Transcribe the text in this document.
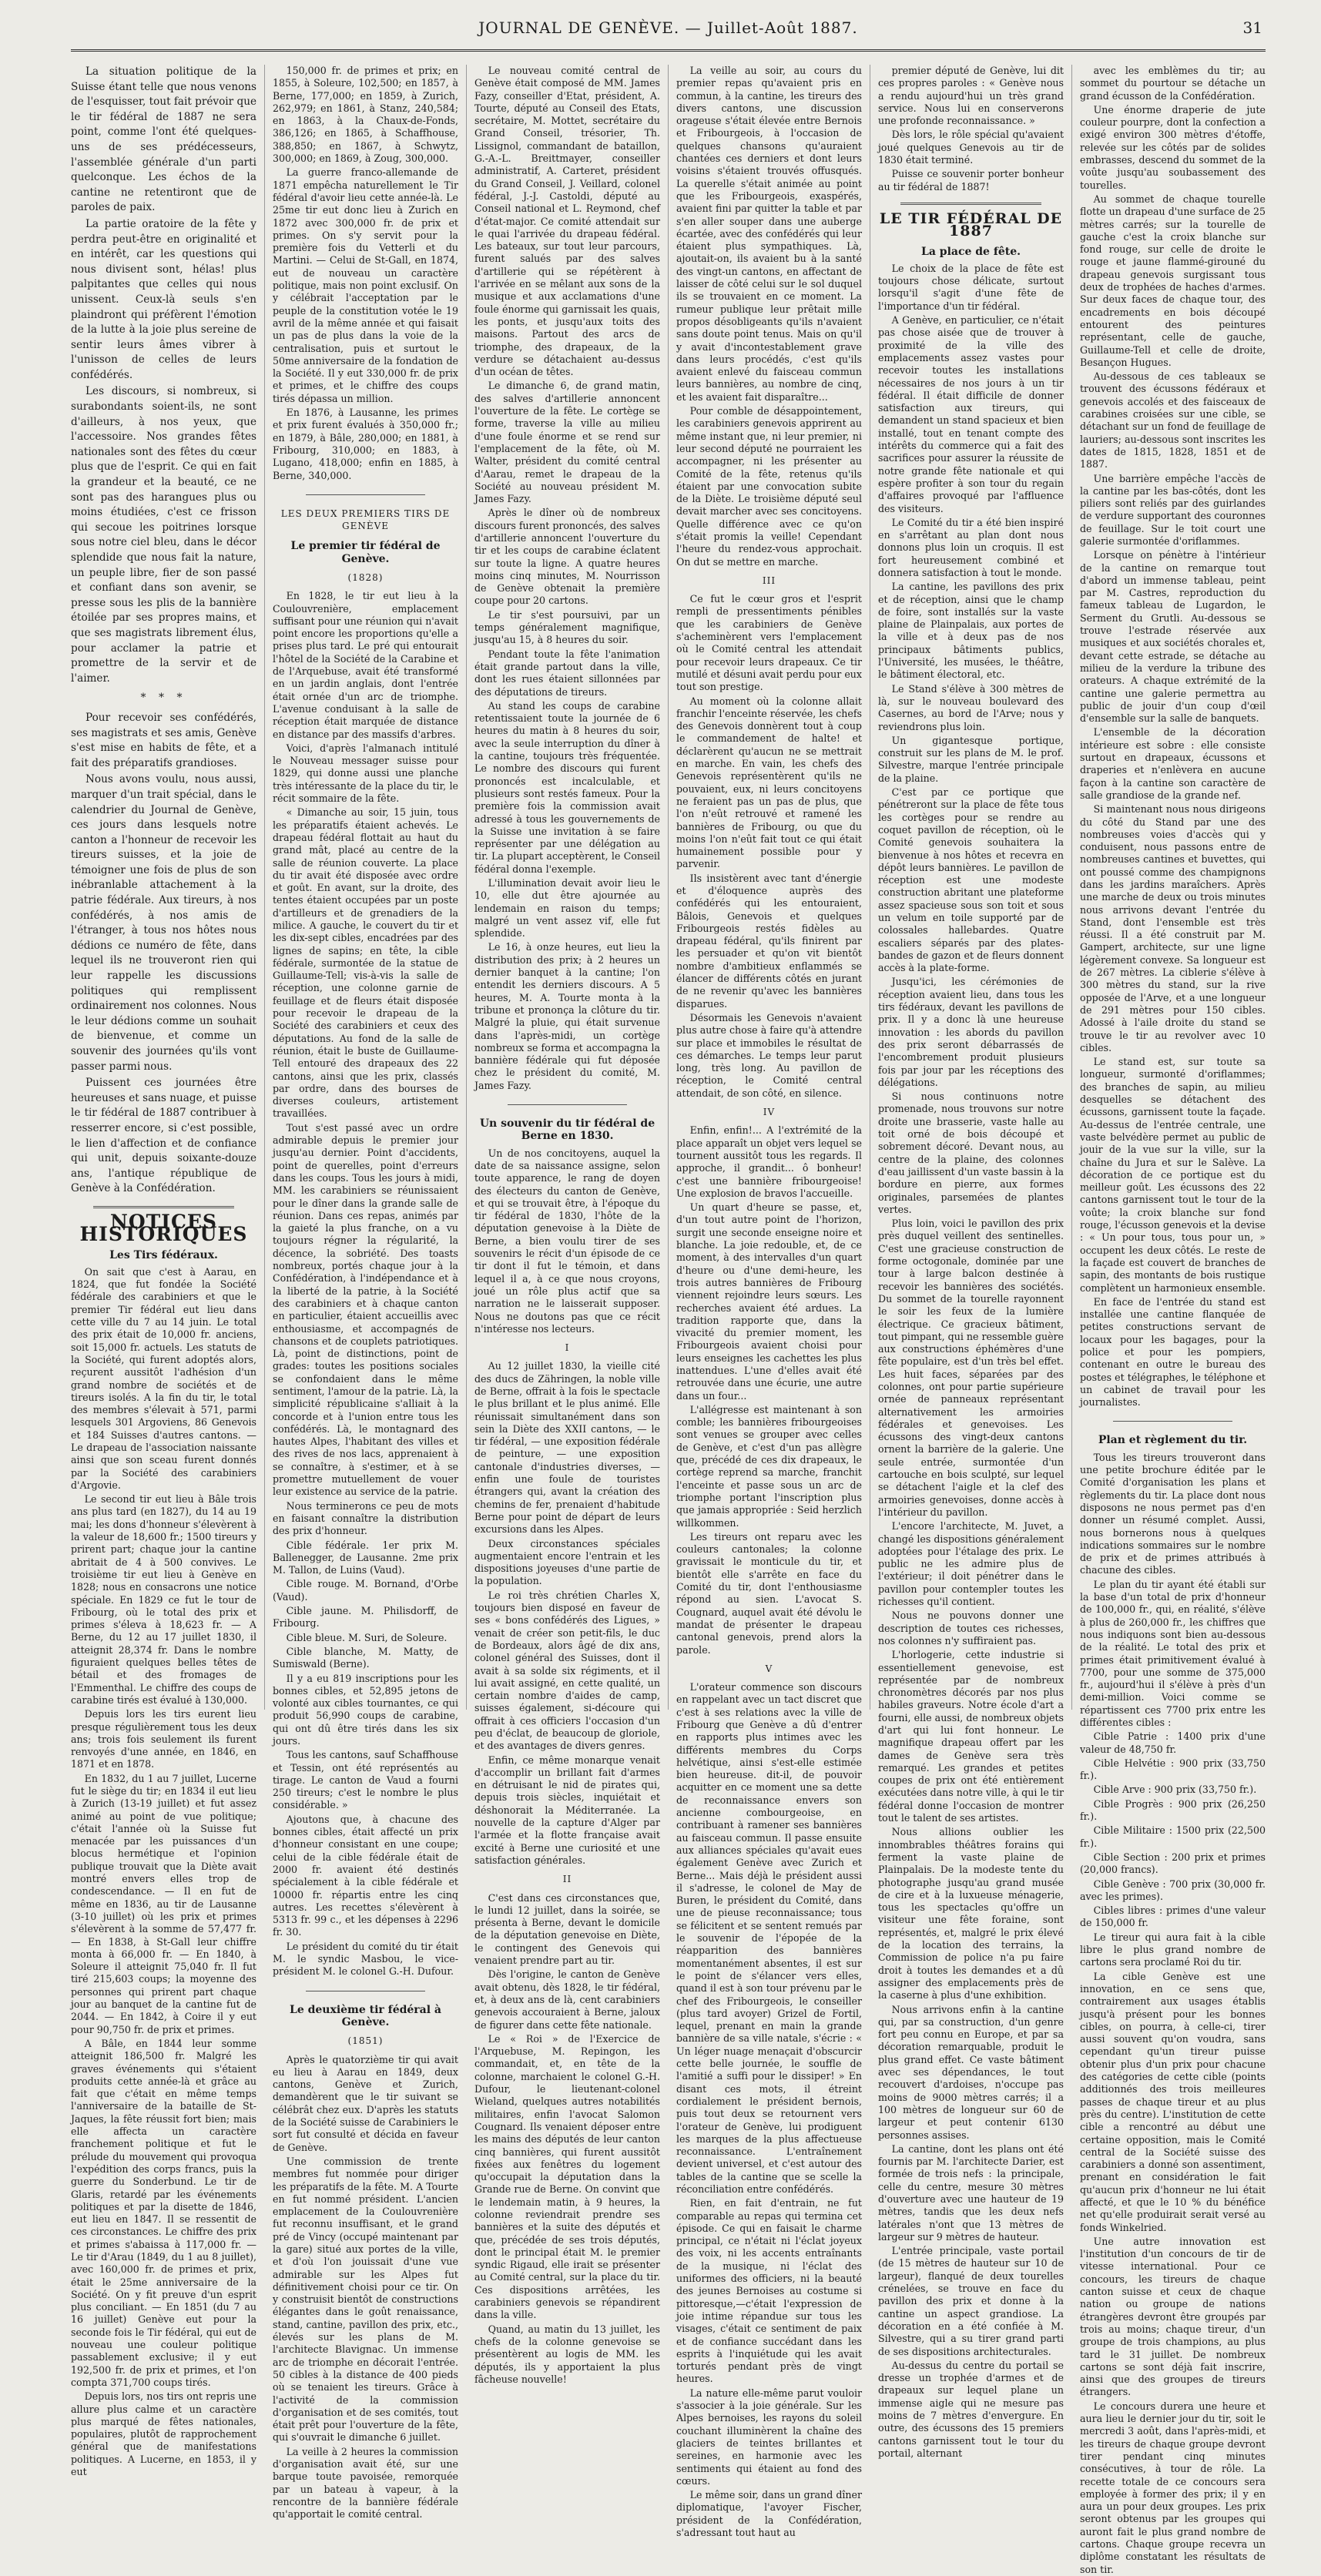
JOURNAL DE GENÈVE. — Juillet-Août 1887.	31

La situation politique de la Suisse étant telle que nous venons de l'esquisser, tout fait prévoir que le tir fédéral de 1887 ne sera point, comme l'ont été quelques-uns de ses prédécesseurs, l'assemblée générale d'un parti quelconque. Les échos de la cantine ne retentiront que de paroles de paix.

La partie oratoire de la fête y perdra peut-être en originalité et en intérêt, car les questions qui nous divisent sont, hélas! plus palpitantes que celles qui nous unissent. Ceux-là seuls s'en plaindront qui préfèrent l'émotion de la lutte à la joie plus sereine de sentir leurs âmes vibrer à l'unisson de celles de leurs confédérés.

Les discours, si nombreux, si surabondants soient-ils, ne sont d'ailleurs, à nos yeux, que l'accessoire. Nos grandes fêtes nationales sont des fêtes du cœur plus que de l'esprit. Ce qui en fait la grandeur et la beauté, ce ne sont pas des harangues plus ou moins étudiées, c'est ce frisson qui secoue les poitrines lorsque sous notre ciel bleu, dans le décor splendide que nous fait la nature, un peuple libre, fier de son passé et confiant dans son avenir, se presse sous les plis de la bannière étoilée par ses propres mains, et que ses magistrats librement élus, pour acclamer la patrie et promettre de la servir et de l'aimer.

* * *

Pour recevoir ses confédérés, ses magistrats et ses amis, Genève s'est mise en habits de fête, et a fait des préparatifs grandioses.

Nous avons voulu, nous aussi, marquer d'un trait spécial, dans le calendrier du Journal de Genève, ces jours dans lesquels notre canton a l'honneur de recevoir les tireurs suisses, et la joie de témoigner une fois de plus de son inébranlable attachement à la patrie fédérale. Aux tireurs, à nos confédérés, à nos amis de l'étranger, à tous nos hôtes nous dédions ce numéro de fête, dans lequel ils ne trouveront rien qui leur rappelle les discussions politiques qui remplissent ordinairement nos colonnes. Nous le leur dédions comme un souhait de bienvenue, et comme un souvenir des journées qu'ils vont passer parmi nous.

Puissent ces journées être heureuses et sans nuage, et puisse le tir fédéral de 1887 contribuer à resserrer encore, si c'est possible, le lien d'affection et de confiance qui unit, depuis soixante-douze ans, l'antique république de Genève à la Confédération.

NOTICES HISTORIQUES
Les Tirs fédéraux.

On sait que c'est à Aarau, en 1824, que fut fondée la Société fédérale des carabiniers et que le premier Tir fédéral eut lieu dans cette ville du 7 au 14 juin. Le total des prix était de 10,000 fr. anciens, soit 15,000 fr. actuels. Les statuts de la Société, qui furent adoptés alors, reçurent aussitôt l'adhésion d'un grand nombre de sociétés et de tireurs isolés. A la fin du tir, le total des membres s'élevait à 571, parmi lesquels 301 Argoviens, 86 Genevois et 184 Suisses d'autres cantons. — Le drapeau de l'association naissante ainsi que son sceau furent donnés par la Société des carabiniers d'Argovie.

Le second tir eut lieu à Bâle trois ans plus tard (en 1827), du 14 au 19 mai; les dons d'honneur s'élevèrent à la valeur de 18,600 fr.; 1500 tireurs y prirent part; chaque jour la cantine abritait de 4 à 500 convives. Le troisième tir eut lieu à Genève en 1828; nous en consacrons une notice spéciale. En 1829 ce fut le tour de Fribourg, où le total des prix et primes s'éleva à 18,623 fr. — A Berne, du 12 au 17 juillet 1830, il atteignit 28,374 fr. Dans le nombre figuraient quelques belles têtes de bétail et des fromages de l'Emmenthal. Le chiffre des coups de carabine tirés est évalué à 130,000.

Depuis lors les tirs eurent lieu presque régulièrement tous les deux ans; trois fois seulement ils furent renvoyés d'une année, en 1846, en 1871 et en 1878.

En 1832, du 1 au 7 juillet, Lucerne fut le siège du tir; en 1834 il eut lieu à Zurich (13-19 juillet) et fut assez animé au point de vue politique; c'était l'année où la Suisse fut menacée par les puissances d'un blocus hermétique et l'opinion publique trouvait que la Diète avait montré envers elles trop de condescendance. — Il en fut de même en 1836, au tir de Lausanne (3-10 juillet) où les prix et primes s'élevèrent à la somme de 57,477 fr. — En 1838, à St-Gall leur chiffre monta à 66,000 fr. — En 1840, à Soleure il atteignit 75,040 fr. Il fut tiré 215,603 coups; la moyenne des personnes qui prirent part chaque jour au banquet de la cantine fut de 2044. — En 1842, à Coire il y eut pour 90,750 fr. de prix et primes.

A Bâle, en 1844 leur somme atteignit 186,500 fr. Malgré les graves événements qui s'étaient produits cette année-là et grâce au fait que c'était en même temps l'anniversaire de la bataille de St-Jaques, la fête réussit fort bien; mais elle affecta un caractère franchement politique et fut le prélude du mouvement qui provoqua l'expédition des corps francs, puis la guerre du Sonderbund. Le tir de Glaris, retardé par les événements politiques et par la disette de 1846, eut lieu en 1847. Il se ressentit de ces circonstances. Le chiffre des prix et primes s'abaissa à 117,000 fr. — Le tir d'Arau (1849, du 1 au 8 juillet), avec 160,000 fr. de primes et prix, était le 25me anniversaire de la Société. On y fit preuve d'un esprit plus conciliant. — En 1851 (du 7 au 16 juillet) Genève eut pour la seconde fois le Tir fédéral, qui eut de nouveau une couleur politique passablement exclusive; il y eut 192,500 fr. de prix et primes, et l'on compta 371,700 coups tirés.

Depuis lors, nos tirs ont repris une allure plus calme et un caractère plus marqué de fêtes nationales, populaires, plutôt de rapprochement général que de manifestations politiques. A Lucerne, en 1853, il y eut

150,000 fr. de primes et prix; en 1855, à Soleure, 102,500; en 1857, à Berne, 177,000; en 1859, à Zurich, 262,979; en 1861, à Stanz, 240,584; en 1863, à la Chaux-de-Fonds, 386,126; en 1865, à Schaffhouse, 388,850; en 1867, à Schwytz, 300,000; en 1869, à Zoug, 300,000.

La guerre franco-allemande de 1871 empêcha naturellement le Tir fédéral d'avoir lieu cette année-là. Le 25me tir eut donc lieu à Zurich en 1872 avec 300,000 fr. de prix et primes. On s'y servit pour la première fois du Vetterli et du Martini. — Celui de St-Gall, en 1874, eut de nouveau un caractère politique, mais non point exclusif. On y célébrait l'acceptation par le peuple de la constitution votée le 19 avril de la même année et qui faisait un pas de plus dans la voie de la centralisation, puis et surtout le 50me anniversaire de la fondation de la Société. Il y eut 330,000 fr. de prix et primes, et le chiffre des coups tirés dépassa un million.

En 1876, à Lausanne, les primes et prix furent évalués à 350,000 fr.; en 1879, à Bâle, 280,000; en 1881, à Fribourg, 310,000; en 1883, à Lugano, 418,000; enfin en 1885, à Berne, 340,000.

LES DEUX PREMIERS TIRS DE GENÈVE
Le premier tir fédéral de Genève.
(1828)

En 1828, le tir eut lieu à la Coulouvrenière, emplacement suffisant pour une réunion qui n'avait point encore les proportions qu'elle a prises plus tard. Le pré qui entourait l'hôtel de la Société de la Carabine et de l'Arquebuse, avait été transformé en un jardin anglais, dont l'entrée était ornée d'un arc de triomphe. L'avenue conduisant à la salle de réception était marquée de distance en distance par des massifs d'arbres.

Voici, d'après l'almanach intitulé le Nouveau messager suisse pour 1829, qui donne aussi une planche très intéressante de la place du tir, le récit sommaire de la fête.

« Dimanche au soir, 15 juin, tous les préparatifs étaient achevés. Le drapeau fédéral flottait au haut du grand mât, placé au centre de la salle de réunion couverte. La place du tir avait été disposée avec ordre et goût. En avant, sur la droite, des tentes étaient occupées par un poste d'artilleurs et de grenadiers de la milice. A gauche, le couvert du tir et les dix-sept cibles, encadrées par des lignes de sapins; en tête, la cible fédérale, surmontée de la statue de Guillaume-Tell; vis-à-vis la salle de réception, une colonne garnie de feuillage et de fleurs était disposée pour recevoir le drapeau de la Société des carabiniers et ceux des députations. Au fond de la salle de réunion, était le buste de Guillaume-Tell entouré des drapeaux des 22 cantons, ainsi que les prix, classés par ordre, dans des bourses de diverses couleurs, artistement travaillées.

Tout s'est passé avec un ordre admirable depuis le premier jour jusqu'au dernier. Point d'accidents, point de querelles, point d'erreurs dans les coups. Tous les jours à midi, MM. les carabiniers se réunissaient pour le dîner dans la grande salle de réunion. Dans ces repas, animés par la gaieté la plus franche, on a vu toujours régner la régularité, la décence, la sobriété. Des toasts nombreux, portés chaque jour à la Confédération, à l'indépendance et à la liberté de la patrie, à la Société des carabiniers et à chaque canton en particulier, étaient accueillis avec enthousiasme, et accompagnés de chansons et de couplets patriotiques. Là, point de distinctions, point de grades: toutes les positions sociales se confondaient dans le même sentiment, l'amour de la patrie. Là, la simplicité républicaine s'alliait à la concorde et à l'union entre tous les confédérés. Là, le montagnard des hautes Alpes, l'habitant des villes et des rives de nos lacs, apprenaient à se connaître, à s'estimer, et à se promettre mutuellement de vouer leur existence au service de la patrie.

Nous terminerons ce peu de mots en faisant connaître la distribution des prix d'honneur.

Cible fédérale. 1er prix M. Ballenegger, de Lausanne. 2me prix M. Tallon, de Luins (Vaud).

Cible rouge. M. Bornand, d'Orbe (Vaud).

Cible jaune. M. Philisdorff, de Fribourg.

Cible bleue. M. Suri, de Soleure.

Cible blanche, M. Matty, de Sumiswald (Berne).

Il y a eu 819 inscriptions pour les bonnes cibles, et 52,895 jetons de volonté aux cibles tournantes, ce qui produit 56,990 coups de carabine, qui ont dû être tirés dans les six jours.

Tous les cantons, sauf Schaffhouse et Tessin, ont été représentés au tirage. Le canton de Vaud a fourni 250 tireurs; c'est le nombre le plus considérable. »

Ajoutons que, à chacune des bonnes cibles, était affecté un prix d'honneur consistant en une coupe; celui de la cible fédérale était de 2000 fr. avaient été destinés spécialement à la cible fédérale et 10000 fr. répartis entre les cinq autres. Les recettes s'élevèrent à 5313 fr. 99 c., et les dépenses à 2296 fr. 30.

Le président du comité du tir était M. le syndic Masbou, le vice-président M. le colonel G.-H. Dufour.

Le deuxième tir fédéral à Genève.
(1851)

Après le quatorzième tir qui avait eu lieu à Aarau en 1849, deux cantons, Genève et Zurich, demandèrent que le tir suivant se célébrât chez eux. D'après les statuts de la Société suisse de Carabiniers le sort fut consulté et décida en faveur de Genève.

Une commission de trente membres fut nommée pour diriger les préparatifs de la fête. M. A Tourte en fut nommé président. L'ancien emplacement de la Coulouvrenière fut reconnu insuffisant, et le grand pré de Vincy (occupé maintenant par la gare) situé aux portes de la ville, et d'où l'on jouissait d'une vue admirable sur les Alpes fut définitivement choisi pour ce tir. On y construisit bientôt de constructions élégantes dans le goût renaissance, stand, cantine, pavillon des prix, etc., élevés sur les plans de M. l'architecte Blavignac. Un immense arc de triomphe en décorait l'entrée. 50 cibles à la distance de 400 pieds où se tenaient les tireurs. Grâce à l'activité de la commission d'organisation et de ses comités, tout était prêt pour l'ouverture de la fête, qui s'ouvrait le dimanche 6 juillet.

La veille à 2 heures la commission d'organisation avait été, sur une barque toute pavoisée, remorquée par un bateau à vapeur, à la rencontre de la bannière fédérale qu'apportait le comité central.

Le nouveau comité central de Genève était composé de MM. James Fazy, conseiller d'Etat, président, A. Tourte, député au Conseil des Etats, secrétaire, M. Mottet, secrétaire du Grand Conseil, trésorier, Th. Lissignol, commandant de bataillon, G.-A.-L. Breittmayer, conseiller administratif, A. Carteret, président du Grand Conseil, J. Veillard, colonel fédéral, J.-J. Castoldi, député au Conseil national et L. Reymond, chef d'état-major. Ce comité attendait sur le quai l'arrivée du drapeau fédéral. Les bateaux, sur tout leur parcours, furent salués par des salves d'artillerie qui se répétèrent à l'arrivée en se mêlant aux sons de la musique et aux acclamations d'une foule énorme qui garnissait les quais, les ponts, et jusqu'aux toits des maisons. Partout des arcs de triomphe, des drapeaux, de la verdure se détachaient au-dessus d'un océan de têtes.

Le dimanche 6, de grand matin, des salves d'artillerie annoncent l'ouverture de la fête. Le cortège se forme, traverse la ville au milieu d'une foule énorme et se rend sur l'emplacement de la fête, où M. Walter, président du comité central d'Aarau, remet le drapeau de la Société au nouveau président M. James Fazy.

Après le dîner où de nombreux discours furent prononcés, des salves d'artillerie annoncent l'ouverture du tir et les coups de carabine éclatent sur toute la ligne. A quatre heures moins cinq minutes, M. Nourrisson de Genève obtenait la première coupe pour 20 cartons.

Le tir s'est poursuivi, par un temps généralement magnifique, jusqu'au 15, à 8 heures du soir.

Pendant toute la fête l'animation était grande partout dans la ville, dont les rues étaient sillonnées par des députations de tireurs.

Au stand les coups de carabine retentissaient toute la journée de 6 heures du matin à 8 heures du soir, avec la seule interruption du dîner à la cantine, toujours très fréquentée. Le nombre des discours qui furent prononcés est incalculable, et plusieurs sont restés fameux. Pour la première fois la commission avait adressé à tous les gouvernements de la Suisse une invitation à se faire représenter par une délégation au tir. La plupart acceptèrent, le Conseil fédéral donna l'exemple.

L'illumination devait avoir lieu le 10, elle dut être ajournée au lendemain en raison du temps; malgré un vent assez vif, elle fut splendide.

Le 16, à onze heures, eut lieu la distribution des prix; à 2 heures un dernier banquet à la cantine; l'on entendit les derniers discours. A 5 heures, M. A. Tourte monta à la tribune et prononça la clôture du tir. Malgré la pluie, qui était survenue dans l'après-midi, un cortège nombreux se forma et accompagna la bannière fédérale qui fut déposée chez le président du comité, M. James Fazy.

Un souvenir du tir fédéral de Berne en 1830.

Un de nos concitoyens, auquel la date de sa naissance assigne, selon toute apparence, le rang de doyen des électeurs du canton de Genève, et qui se trouvait être, à l'époque du tir fédéral de 1830, l'hôte de la députation genevoise à la Diète de Berne, a bien voulu tirer de ses souvenirs le récit d'un épisode de ce tir dont il fut le témoin, et dans lequel il a, à ce que nous croyons, joué un rôle plus actif que sa narration ne le laisserait supposer. Nous ne doutons pas que ce récit n'intéresse nos lecteurs.

I

Au 12 juillet 1830, la vieille cité des ducs de Zähringen, la noble ville de Berne, offrait à la fois le spectacle le plus brillant et le plus animé. Elle réunissait simultanément dans son sein la Diète des XXII cantons, — le tir fédéral, — une exposition fédérale de peinture, — une exposition cantonale d'industries diverses, — enfin une foule de touristes étrangers qui, avant la création des chemins de fer, prenaient d'habitude Berne pour point de départ de leurs excursions dans les Alpes.

Deux circonstances spéciales augmentaient encore l'entrain et les dispositions joyeuses d'une partie de la population.

Le roi très chrétien Charles X, toujours bien disposé en faveur de ses « bons confédérés des Ligues, » venait de créer son petit-fils, le duc de Bordeaux, alors âgé de dix ans, colonel général des Suisses, dont il avait à sa solde six régiments, et il lui avait assigné, en cette qualité, un certain nombre d'aides de camp, suisses également, si-découre qui offrait à ces officiers l'occasion d'un peu d'éclat, de beaucoup de gloriole, et des avantages de divers genres.

Enfin, ce même monarque venait d'accomplir un brillant fait d'armes en détruisant le nid de pirates qui, depuis trois siècles, inquiétait et déshonorait la Méditerranée. La nouvelle de la capture d'Alger par l'armée et la flotte française avait excité à Berne une curiosité et une satisfaction générales.

II

C'est dans ces circonstances que, le lundi 12 juillet, dans la soirée, se présenta à Berne, devant le domicile de la députation genevoise en Diète, le contingent des Genevois qui venaient prendre part au tir.

Dès l'origine, le canton de Genève avait obtenu, dès 1828, le tir fédéral, et, à deux ans de là, cent carabiniers genevois accouraient à Berne, jaloux de figurer dans cette fête nationale.

Le « Roi » de l'Exercice de l'Arquebuse, M. Repingon, les commandait, et, en tête de la colonne, marchaient le colonel G.-H. Dufour, le lieutenant-colonel Wieland, quelques autres notabilités militaires, enfin l'avocat Salomon Cougnard. Ils venaient déposer entre les mains des députés de leur canton cinq bannières, qui furent aussitôt fixées aux fenêtres du logement qu'occupait la députation dans la Grande rue de Berne. On convint que le lendemain matin, à 9 heures, la colonne reviendrait prendre ses bannières et la suite des députés et que, précédée de ses trois députés, dont le principal était M. le premier syndic Rigaud, elle irait se présenter au Comité central, sur la place du tir. Ces dispositions arrêtées, les carabiniers genevois se répandirent dans la ville.

Quand, au matin du 13 juillet, les chefs de la colonne genevoise se présentèrent au logis de MM. les députés, ils y apportaient la plus fâcheuse nouvelle!

La veille au soir, au cours du premier repas qu'avaient pris en commun, à la cantine, les tireurs des divers cantons, une discussion orageuse s'était élevée entre Bernois et Fribourgeois, à l'occasion de quelques chansons qu'auraient chantées ces derniers et dont leurs voisins s'étaient trouvés offusqués. La querelle s'était animée au point que les Fribourgeois, exaspérés, avaient fini par quitter la table et par s'en aller souper dans une auberge écartée, avec des confédérés qui leur étaient plus sympathiques. Là, ajoutait-on, ils avaient bu à la santé des vingt-un cantons, en affectant de laisser de côté celui sur le sol duquel ils se trouvaient en ce moment. La rumeur publique leur prêtait mille propos désobligeants qu'ils n'avaient sans doute point tenus. Mais on qu'il y avait d'incontestablement grave dans leurs procédés, c'est qu'ils avaient enlevé du faisceau commun leurs bannières, au nombre de cinq, et les avaient fait disparaître...

Pour comble de désappointement, les carabiniers genevois apprirent au même instant que, ni leur premier, ni leur second député ne pourraient les accompagner, ni les présenter au Comité de la fête, retenus qu'ils étaient par une convocation subite de la Diète. Le troisième député seul devait marcher avec ses concitoyens. Quelle différence avec ce qu'on s'était promis la veille! Cependant l'heure du rendez-vous approchait. On dut se mettre en marche.

III

Ce fut le cœur gros et l'esprit rempli de pressentiments pénibles que les carabiniers de Genève s'acheminèrent vers l'emplacement où le Comité central les attendait pour recevoir leurs drapeaux. Ce tir mutilé et désuni avait perdu pour eux tout son prestige.

Au moment où la colonne allait franchir l'enceinte réservée, les chefs des Genevois donnèrent tout à coup le commandement de halte! et déclarèrent qu'aucun ne se mettrait en marche. En vain, les chefs des Genevois représentèrent qu'ils ne pouvaient, eux, ni leurs concitoyens ne feraient pas un pas de plus, que l'on n'eût retrouvé et ramené les bannières de Fribourg, ou que du moins l'on n'eût fait tout ce qui était humainement possible pour y parvenir.

Ils insistèrent avec tant d'énergie et d'éloquence auprès des confédérés qui les entouraient, Bâlois, Genevois et quelques Fribourgeois restés fidèles au drapeau fédéral, qu'ils finirent par les persuader et qu'on vit bientôt nombre d'ambitieux enflammés se élancer de différents côtés en jurant de ne revenir qu'avec les bannières disparues.

Désormais les Genevois n'avaient plus autre chose à faire qu'à attendre sur place et immobiles le résultat de ces démarches. Le temps leur parut long, très long. Au pavillon de réception, le Comité central attendait, de son côté, en silence.

IV

Enfin, enfin!... A l'extrémité de la place apparaît un objet vers lequel se tournent aussitôt tous les regards. Il approche, il grandit... ô bonheur! c'est une bannière fribourgeoise! Une explosion de bravos l'accueille.

Un quart d'heure se passe, et, d'un tout autre point de l'horizon, surgit une seconde enseigne noire et blanche. La joie redouble, et, de ce moment, à des intervalles d'un quart d'heure ou d'une demi-heure, les trois autres bannières de Fribourg viennent rejoindre leurs sœurs. Les recherches avaient été ardues. La tradition rapporte que, dans la vivacité du premier moment, les Fribourgeois avaient choisi pour leurs enseignes les cachettes les plus inattendues. L'une d'elles avait été retrouvée dans une écurie, une autre dans un four...

L'allégresse est maintenant à son comble; les bannières fribourgeoises sont venues se grouper avec celles de Genève, et c'est d'un pas allègre que, précédé de ces dix drapeaux, le cortège reprend sa marche, franchit l'enceinte et passe sous un arc de triomphe portant l'inscription plus que jamais appropriée : Seid herzlich willkommen.

Les tireurs ont reparu avec les couleurs cantonales; la colonne gravissait le monticule du tir, et bientôt elle s'arrête en face du Comité du tir, dont l'enthousiasme répond au sien. L'avocat S. Cougnard, auquel avait été dévolu le mandat de présenter le drapeau cantonal genevois, prend alors la parole.

V

L'orateur commence son discours en rappelant avec un tact discret que c'est à ses relations avec la ville de Fribourg que Genève a dû d'entrer en rapports plus intimes avec les différents membres du Corps helvétique, ainsi s'est-elle estimée bien heureuse. dit-il, de pouvoir acquitter en ce moment une sa dette de reconnaissance envers son ancienne combourgeoise, en contribuant à ramener ses bannières au faisceau commun. Il passe ensuite aux alliances spéciales qu'avait eues également Genève avec Zurich et Berne... Mais déjà le président aussi il s'adresse, le colonel de May de Buren, le président du Comité, dans une de pieuse reconnaissance; tous se félicitent et se sentent remués par le souvenir de l'épopée de la réapparition des bannières momentanément absentes, il est sur le point de s'élancer vers elles, quand il est à son tour prévenu par le chef des Fribourgeois, le conseiller (plus tard avoyer) Grizel de Fortil, lequel, prenant en main la grande bannière de sa ville natale, s'écrie : « Un léger nuage menaçait d'obscurcir cette belle journée, le souffle de l'amitié a suffi pour le dissiper! » En disant ces mots, il étreint cordialement le président bernois, puis tout deux se retournent vers l'orateur de Genève, lui prodiguent les marques de la plus affectueuse reconnaissance. L'entraînement devient universel, et c'est autour des tables de la cantine que se scelle la réconciliation entre confédérés.

Rien, en fait d'entrain, ne fut comparable au repas qui termina cet épisode. Ce qui en faisait le charme principal, ce n'était ni l'éclat joyeux des voix, ni les accents entraînants de la musique, ni l'éclat des uniformes des officiers, ni la beauté des jeunes Bernoises au costume si pittoresque,—c'était l'expression de joie intime répandue sur tous les visages, c'était ce sentiment de paix et de confiance succédant dans les esprits à l'inquiétude qui les avait torturés pendant près de vingt heures.

La nature elle-même parut vouloir s'associer à la joie générale. Sur les Alpes bernoises, les rayons du soleil couchant illuminèrent la chaîne des glaciers de teintes brillantes et sereines, en harmonie avec les sentiments qui étaient au fond des cœurs.

Le même soir, dans un grand dîner diplomatique, l'avoyer Fischer, président de la Confédération, s'adressant tout haut au

premier député de Genève, lui dit ces propres paroles : « Genève nous a rendu aujourd'hui un très grand service. Nous lui en conserverons une profonde reconnaissance. »

Dès lors, le rôle spécial qu'avaient joué quelques Genevois au tir de 1830 était terminé.

Puisse ce souvenir porter bonheur au tir fédéral de 1887!

LE TIR FÉDÉRAL DE 1887
La place de fête.

Le choix de la place de fête est toujours chose délicate, surtout lorsqu'il s'agit d'une fête de l'importance d'un tir fédéral.

A Genève, en particulier, ce n'était pas chose aisée que de trouver à proximité de la ville des emplacements assez vastes pour recevoir toutes les installations nécessaires de nos jours à un tir fédéral. Il était difficile de donner satisfaction aux tireurs, qui demandent un stand spacieux et bien installé, tout en tenant compte des intérêts du commerce qui a fait des sacrifices pour assurer la réussite de notre grande fête nationale et qui espère profiter à son tour du regain d'affaires provoqué par l'affluence des visiteurs.

Le Comité du tir a été bien inspiré en s'arrêtant au plan dont nous donnons plus loin un croquis. Il est fort heureusement combiné et donnera satisfaction à tout le monde.

La cantine, les pavillons des prix et de réception, ainsi que le champ de foire, sont installés sur la vaste plaine de Plainpalais, aux portes de la ville et à deux pas de nos principaux bâtiments publics, l'Université, les musées, le théâtre, le bâtiment électoral, etc.

Le Stand s'élève à 300 mètres de là, sur le nouveau boulevard des Casernes, au bord de l'Arve; nous y reviendrons plus loin.

Un gigantesque portique, construit sur les plans de M. le prof. Silvestre, marque l'entrée principale de la plaine.

C'est par ce portique que pénétreront sur la place de fête tous les cortèges pour se rendre au coquet pavillon de réception, où le Comité genevois souhaitera la bienvenue à nos hôtes et recevra en dépôt leurs bannières. Le pavillon de réception est une modeste construction abritant une plateforme assez spacieuse sous son toit et sous un velum en toile supporté par de colossales hallebardes. Quatre escaliers séparés par des plates-bandes de gazon et de fleurs donnent accès à la plate-forme.

Jusqu'ici, les cérémonies de réception avaient lieu, dans tous les tirs fédéraux, devant les pavillons de prix. Il y a donc là une heureuse innovation : les abords du pavillon des prix seront débarrassés de l'encombrement produit plusieurs fois par jour par les réceptions des délégations.

Si nous continuons notre promenade, nous trouvons sur notre droite une brasserie, vaste halle au toit orné de bois découpé et sobrement décoré. Devant nous, au centre de la plaine, des colonnes d'eau jaillissent d'un vaste bassin à la bordure en pierre, aux formes originales, parsemées de plantes vertes.

Plus loin, voici le pavillon des prix près duquel veillent des sentinelles. C'est une gracieuse construction de forme octogonale, dominée par une tour à large balcon destinée à recevoir les bannières des sociétés. Du sommet de la tourelle rayonnent le soir les feux de la lumière électrique. Ce gracieux bâtiment, tout pimpant, qui ne ressemble guère aux constructions éphémères d'une fête populaire, est d'un très bel effet. Les huit faces, séparées par des colonnes, ont pour partie supérieure ornée de panneaux représentant alternativement les armoiries fédérales et genevoises. Les écussons des vingt-deux cantons ornent la barrière de la galerie. Une seule entrée, surmontée d'un cartouche en bois sculpté, sur lequel se détachent l'aigle et la clef des armoiries genevoises, donne accès à l'intérieur du pavillon.

L'encore l'architecte, M. Juvet, a changé les dispositions généralement adoptées pour l'étalage des prix. Le public ne les admire plus de l'extérieur; il doit pénétrer dans le pavillon pour contempler toutes les richesses qu'il contient.

Nous ne pouvons donner une description de toutes ces richesses, nos colonnes n'y suffiraient pas.

L'horlogerie, cette industrie si essentiellement genevoise, est représentée par de nombreux chronomètres décorés par nos plus habiles graveurs. Notre école d'art a fourni, elle aussi, de nombreux objets d'art qui lui font honneur. Le magnifique drapeau offert par les dames de Genève sera très remarqué. Les grandes et petites coupes de prix ont été entièrement exécutées dans notre ville, à qui le tir fédéral donne l'occasion de montrer tout le talent de ses artistes.

Nous allions oublier les innombrables théâtres forains qui ferment la vaste plaine de Plainpalais. De la modeste tente du photographe jusqu'au grand musée de cire et à la luxueuse ménagerie, tous les spectacles qu'offre un visiteur une fête foraine, sont représentés, et, malgré le prix élevé de la location des terrains, la Commission de police n'a pu faire droit à toutes les demandes et a dû assigner des emplacements près de la caserne à plus d'une exhibition.

Nous arrivons enfin à la cantine qui, par sa construction, d'un genre fort peu connu en Europe, et par sa décoration remarquable, produit le plus grand effet. Ce vaste bâtiment avec ses dépendances, le tout recouvert d'ardoises, n'occupe pas moins de 9000 mètres carrés; il a 100 mètres de longueur sur 60 de largeur et peut contenir 6130 personnes assises.

La cantine, dont les plans ont été fournis par M. l'architecte Darier, est formée de trois nefs : la principale, celle du centre, mesure 30 mètres d'ouverture avec une hauteur de 19 mètres, tandis que les deux nefs latérales n'ont que 13 mètres de largeur sur 9 mètres de hauteur.

L'entrée principale, vaste portail (de 15 mètres de hauteur sur 10 de largeur), flanqué de deux tourelles crénelées, se trouve en face du pavillon des prix et donne à la cantine un aspect grandiose. La décoration en a été confiée à M. Silvestre, qui a su tirer grand parti de ses dispositions architecturales.

Au-dessus du centre du portail se dresse un trophée d'armes et de drapeaux sur lequel plane un immense aigle qui ne mesure pas moins de 7 mètres d'envergure. En outre, des écussons des 15 premiers cantons garnissent tout le tour du portail, alternant

avec les emblèmes du tir; au sommet du pourtour se détache un grand écusson de la Confédération.

Une énorme draperie de jute couleur pourpre, dont la confection a exigé environ 300 mètres d'étoffe, relevée sur les côtés par de solides embrasses, descend du sommet de la voûte jusqu'au soubassement des tourelles.

Au sommet de chaque tourelle flotte un drapeau d'une surface de 25 mètres carrés; sur la tourelle de gauche c'est la croix blanche sur fond rouge, sur celle de droite le rouge et jaune flammé-girouné du drapeau genevois surgissant tous deux de trophées de haches d'armes. Sur deux faces de chaque tour, des encadrements en bois découpé entourent des peintures représentant, celle de gauche, Guillaume-Tell et celle de droite, Besançon Hugues.

Au-dessous de ces tableaux se trouvent des écussons fédéraux et genevois accolés et des faisceaux de carabines croisées sur une cible, se détachant sur un fond de feuillage de lauriers; au-dessous sont inscrites les dates de 1815, 1828, 1851 et de 1887.

Une barrière empêche l'accès de la cantine par les bas-côtés, dont les piliers sont reliés par des guirlandes de verdure supportant des couronnes de feuillage. Sur le toit court une galerie surmontée d'oriflammes.

Lorsque on pénètre à l'intérieur de la cantine on remarque tout d'abord un immense tableau, peint par M. Castres, reproduction du fameux tableau de Lugardon, le Serment du Grutli. Au-dessous se trouve l'estrade réservée aux musiques et aux sociétés chorales et, devant cette estrade, se détache au milieu de la verdure la tribune des orateurs. A chaque extrémité de la cantine une galerie permettra au public de jouir d'un coup d'œil d'ensemble sur la salle de banquets.

L'ensemble de la décoration intérieure est sobre : elle consiste surtout en drapeaux, écussons et draperies et n'enlèvera en aucune façon à la cantine son caractère de salle grandiose de la grande nef.

Si maintenant nous nous dirigeons du côté du Stand par une des nombreuses voies d'accès qui y conduisent, nous passons entre de nombreuses cantines et buvettes, qui ont poussé comme des champignons dans les jardins maraîchers. Après une marche de deux ou trois minutes nous arrivons devant l'entrée du Stand, dont l'ensemble est très réussi. Il a été construit par M. Gampert, architecte, sur une ligne légèrement convexe. Sa longueur est de 267 mètres. La ciblerie s'élève à 300 mètres du stand, sur la rive opposée de l'Arve, et a une longueur de 291 mètres pour 150 cibles. Adossé à l'aile droite du stand se trouve le tir au revolver avec 10 cibles.

Le stand est, sur toute sa longueur, surmonté d'oriflammes; des branches de sapin, au milieu desquelles se détachent des écussons, garnissent toute la façade. Au-dessus de l'entrée centrale, une vaste belvédère permet au public de jouir de la vue sur la ville, sur la chaîne du Jura et sur le Salève. La décoration de ce portique est du meilleur goût. Les écussons des 22 cantons garnissent tout le tour de la voûte; la croix blanche sur fond rouge, l'écusson genevois et la devise : « Un pour tous, tous pour un, » occupent les deux côtés. Le reste de la façade est couvert de branches de sapin, des montants de bois rustique complètent un harmonieux ensemble.

En face de l'entrée du stand est installée une cantine flanquée de petites constructions servant de locaux pour les bagages, pour la police et pour les pompiers, contenant en outre le bureau des postes et télégraphes, le téléphone et un cabinet de travail pour les journalistes.

Plan et règlement du tir.

Tous les tireurs trouveront dans une petite brochure éditée par le Comité d'organisation les plans et règlements du tir. La place dont nous disposons ne nous permet pas d'en donner un résumé complet. Aussi, nous bornerons nous à quelques indications sommaires sur le nombre de prix et de primes attribués à chacune des cibles.

Le plan du tir ayant été établi sur la base d'un total de prix d'honneur de 100,000 fr., qui, en réalité, s'élève à plus de 260,000 fr., les chiffres que nous indiquons sont bien au-dessous de la réalité. Le total des prix et primes était primitivement évalué à 7700, pour une somme de 375,000 fr., aujourd'hui il s'élève à près d'un demi-million. Voici comme se répartissent ces 7700 prix entre les différentes cibles :

Cible Patrie : 1400 prix d'une valeur de 48,750 fr.

Cible Helvétie : 900 prix (33,750 fr.).

Cible Arve : 900 prix (33,750 fr.).

Cible Progrès : 900 prix (26,250 fr.).

Cible Militaire : 1500 prix (22,500 fr.).

Cible Section : 200 prix et primes (20,000 francs).

Cible Genève : 700 prix (30,000 fr. avec les primes).

Cibles libres : primes d'une valeur de 150,000 fr.

Le tireur qui aura fait à la cible libre le plus grand nombre de cartons sera proclamé Roi du tir.

La cible Genève est une innovation, en ce sens que, contrairement aux usages établis jusqu'à présent pour les bonnes cibles, on pourra, à celle-ci, tirer aussi souvent qu'on voudra, sans cependant qu'un tireur puisse obtenir plus d'un prix pour chacune des catégories de cette cible (points additionnés des trois meilleures passes de chaque tireur et au plus près du centre). L'institution de cette cible a rencontré au début une certaine opposition, mais le Comité central de la Société suisse des carabiniers a donné son assentiment, prenant en considération le fait qu'aucun prix d'honneur ne lui était affecté, et que le 10 % du bénéfice net qu'elle produirait serait versé au fonds Winkelried.

Une autre innovation est l'institution d'un concours de tir de vitesse international. Pour ce concours, les tireurs de chaque canton suisse et ceux de chaque nation ou groupe de nations étrangères devront être groupés par trois au moins; chaque tireur, d'un groupe de trois champions, au plus tard le 31 juillet. De nombreux cartons se sont déjà fait inscrire, ainsi que des groupes de tireurs étrangers.

Le concours durera une heure et aura lieu le dernier jour du tir, soit le mercredi 3 août, dans l'après-midi, et les tireurs de chaque groupe devront tirer pendant cinq minutes consécutives, à tour de rôle. La recette totale de ce concours sera employée à former des prix; il y en aura un pour deux groupes. Les prix seront obtenus par les groupes qui auront fait le plus grand nombre de cartons. Chaque groupe recevra un diplôme constatant les résultats de son tir.
